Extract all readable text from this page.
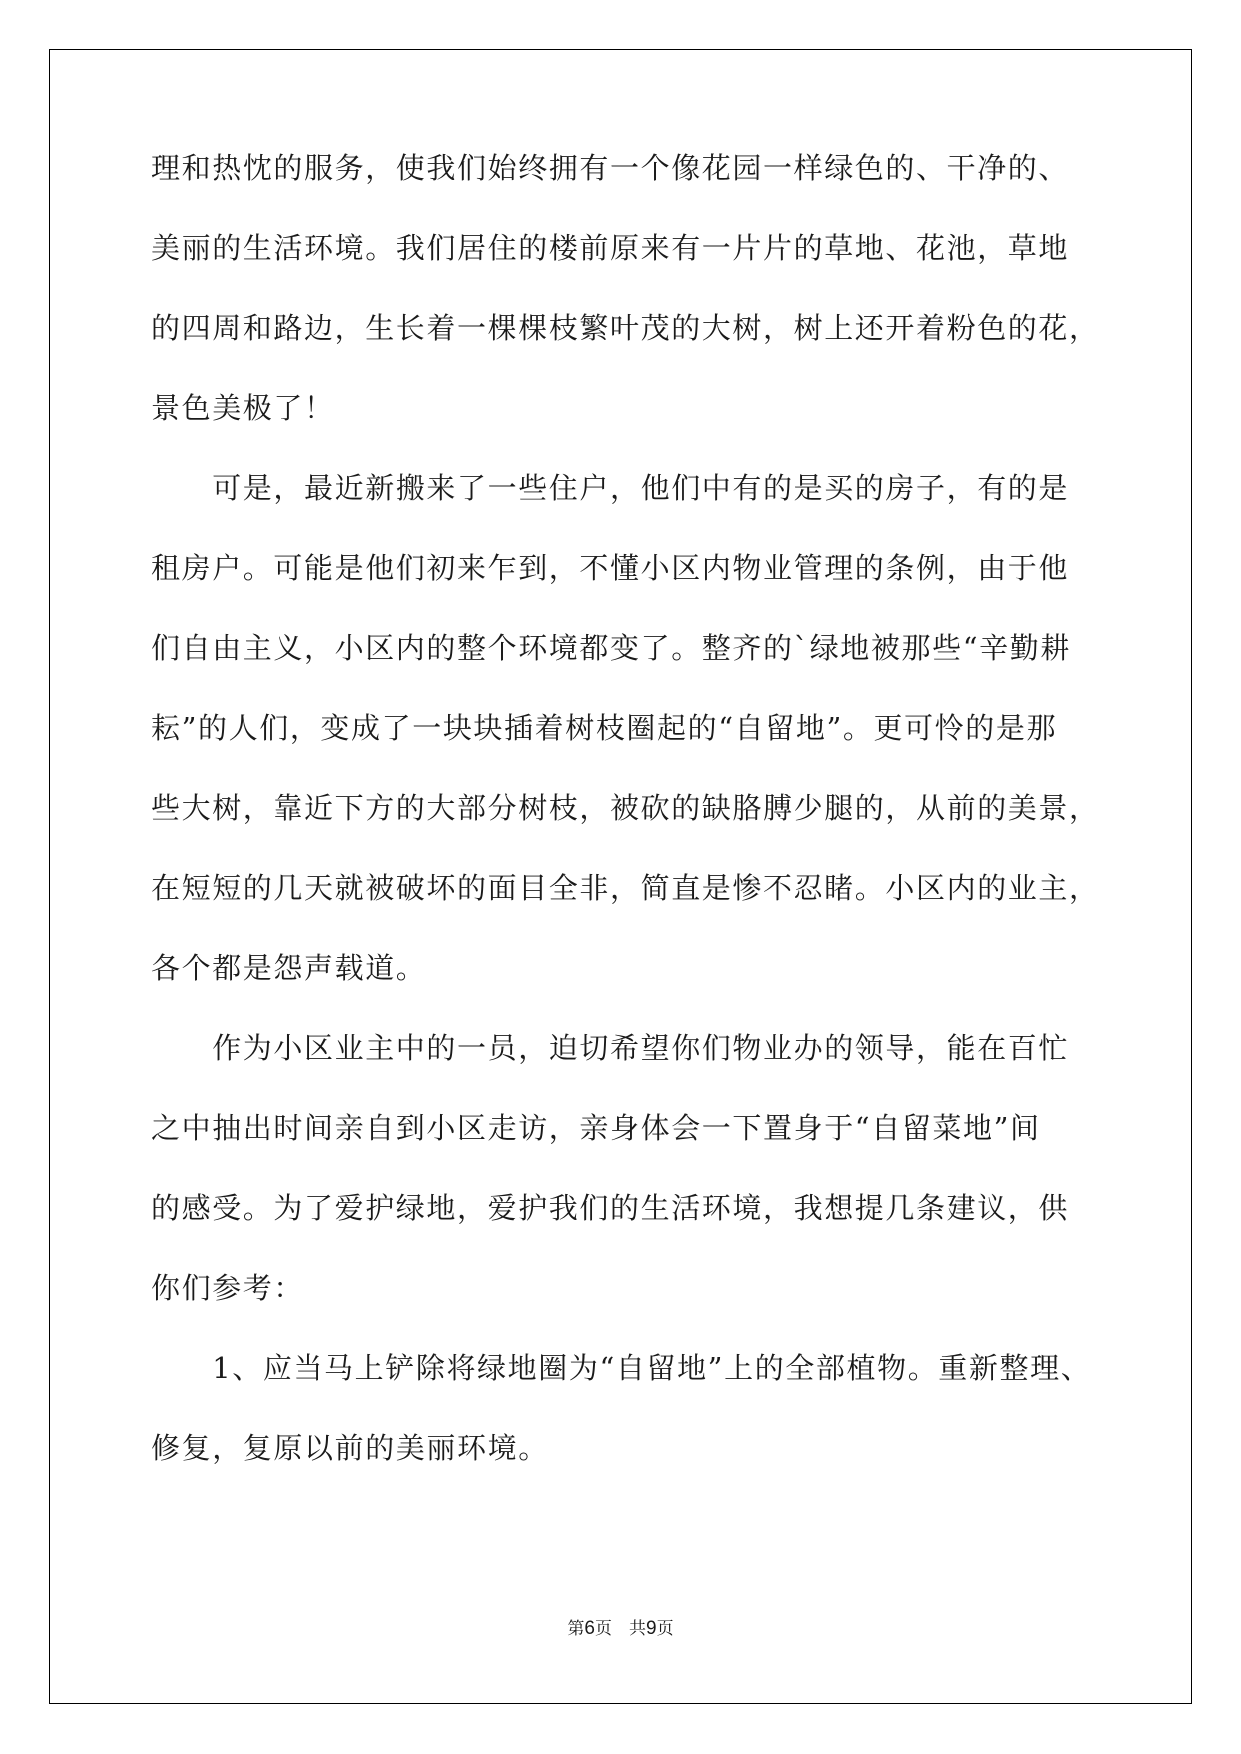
理和热忱的服务，使我们始终拥有一个像花园一样绿色的、干净的、
美丽的生活环境。我们居住的楼前原来有一片片的草地、花池，草地
的四周和路边，生长着一棵棵枝繁叶茂的大树，树上还开着粉色的花，
景色美极了！
　　可是，最近新搬来了一些住户，他们中有的是买的房子，有的是
租房户。可能是他们初来乍到，不懂小区内物业管理的条例，由于他
们自由主义，小区内的整个环境都变了。整齐的`绿地被那些“辛勤耕
耘”的人们，变成了一块块插着树枝圈起的“自留地”。更可怜的是那
些大树，靠近下方的大部分树枝，被砍的缺胳膊少腿的，从前的美景，
在短短的几天就被破坏的面目全非，简直是惨不忍睹。小区内的业主，
各个都是怨声载道。
　　作为小区业主中的一员，迫切希望你们物业办的领导，能在百忙
之中抽出时间亲自到小区走访，亲身体会一下置身于“自留菜地”间
的感受。为了爱护绿地，爱护我们的生活环境，我想提几条建议，供
你们参考：
　　1、应当马上铲除将绿地圈为“自留地”上的全部植物。重新整理、
修复，复原以前的美丽环境。
第6页　共9页
